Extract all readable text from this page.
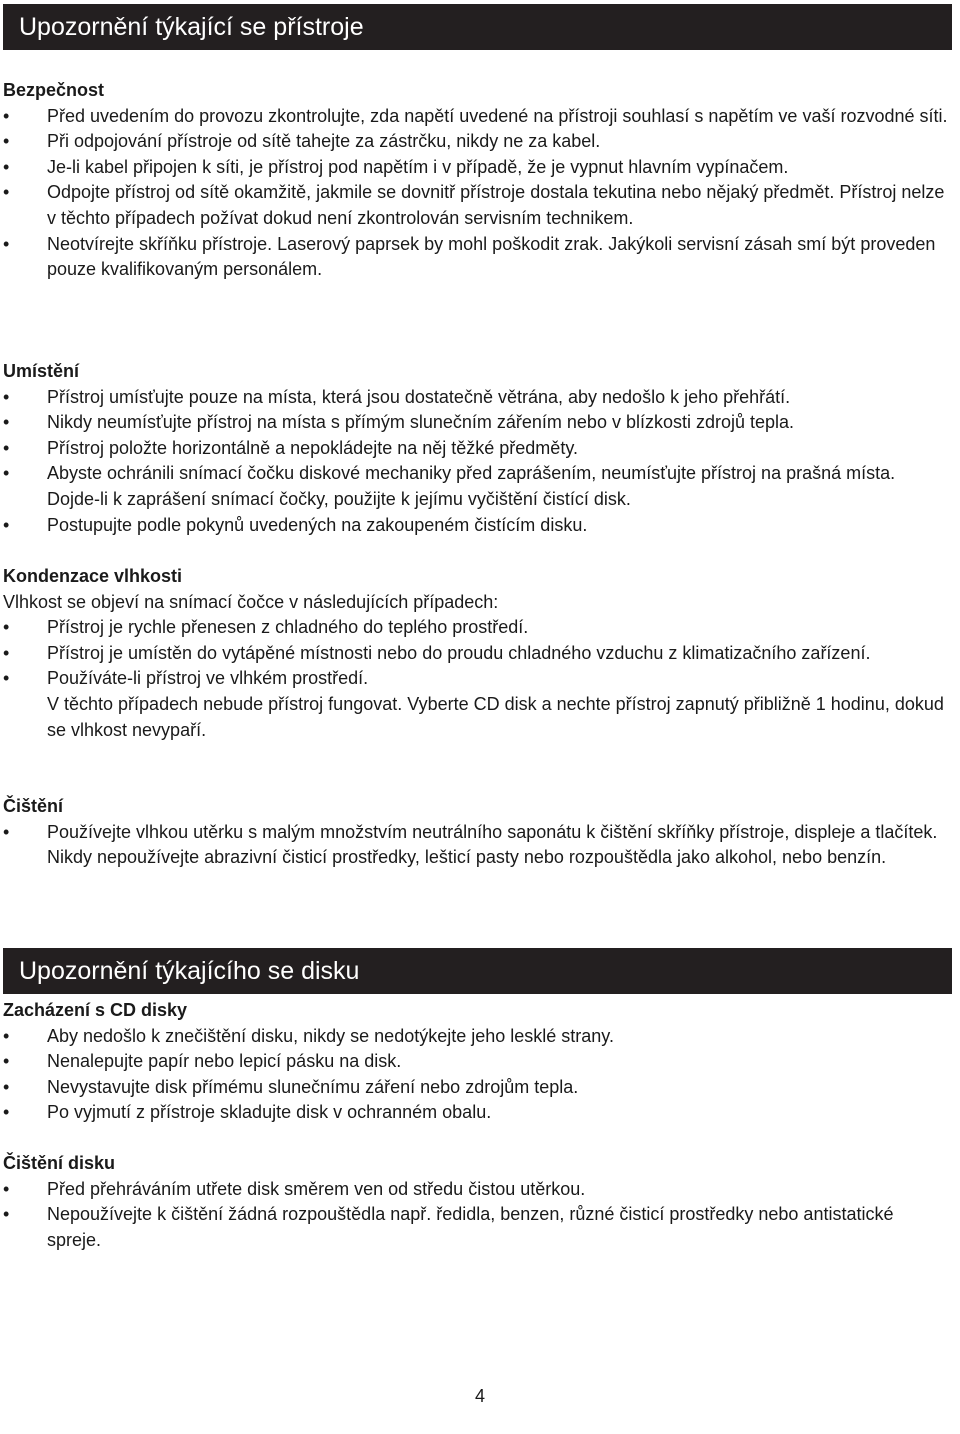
Upozornění týkající se přístroje

Bezpečnost

• Před uvedením do provozu zkontrolujte, zda napětí uvedené na přístroji souhlasí s napětím ve vaší rozvodné síti.
• Při odpojování přístroje od sítě tahejte za zástrčku, nikdy ne za kabel.
• Je-li kabel připojen k síti, je přístroj pod napětím i v případě, že je vypnut hlavním vypínačem.
• Odpojte přístroj od sítě okamžitě, jakmile se dovnitř přístroje dostala tekutina nebo nějaký předmět. Přístroj nelze v těchto případech požívat dokud není zkontrolován servisním technikem.
• Neotvírejte skříňku přístroje. Laserový paprsek by mohl poškodit zrak. Jakýkoli servisní zásah smí být proveden pouze kvalifikovaným personálem.

Umístění

• Přístroj umísťujte pouze na místa, která jsou dostatečně větrána, aby nedošlo k jeho přehřátí.
• Nikdy neumísťujte přístroj na místa s přímým slunečním zářením nebo v blízkosti zdrojů tepla.
• Přístroj položte horizontálně a nepokládejte na něj těžké předměty.
• Abyste ochránili snímací čočku diskové mechaniky před zaprášením, neumísťujte přístroj na prašná místa. Dojde-li k zaprášení snímací čočky, použijte k jejímu vyčištění čistící disk.
• Postupujte podle pokynů uvedených na zakoupeném čistícím disku.

Kondenzace vlhkosti

Vlhkost se objeví na snímací čočce v následujících případech:

• Přístroj je rychle přenesen z chladného do teplého prostředí.
• Přístroj je umístěn do vytápěné místnosti nebo do proudu chladného vzduchu z klimatizačního zařízení.
• Používáte-li přístroj ve vlhkém prostředí.

V těchto případech nebude přístroj fungovat. Vyberte CD disk a nechte přístroj zapnutý přibližně 1 hodinu, dokud se vlhkost nevypaří.

Čištění

• Používejte vlhkou utěrku s malým množstvím neutrálního saponátu k čištění skříňky přístroje, displeje a tlačítek. Nikdy nepoužívejte abrazivní čisticí prostředky, lešticí pasty nebo rozpouštědla jako alkohol, nebo benzín.
Upozornění týkajícího se disku

Zacházení s CD disky

• Aby nedošlo k znečištění disku, nikdy se nedotýkejte jeho lesklé strany.
• Nenalepujte papír nebo lepicí pásku na disk.
• Nevystavujte disk přímému slunečnímu záření nebo zdrojům tepla.
• Po vyjmutí z přístroje skladujte disk v ochranném obalu.

Čištění disku

• Před přehráváním utřete disk směrem ven od středu čistou utěrkou.
• Nepoužívejte k čištění žádná rozpouštědla např. ředidla, benzen, různé čisticí prostředky nebo antistatické spreje.
4
